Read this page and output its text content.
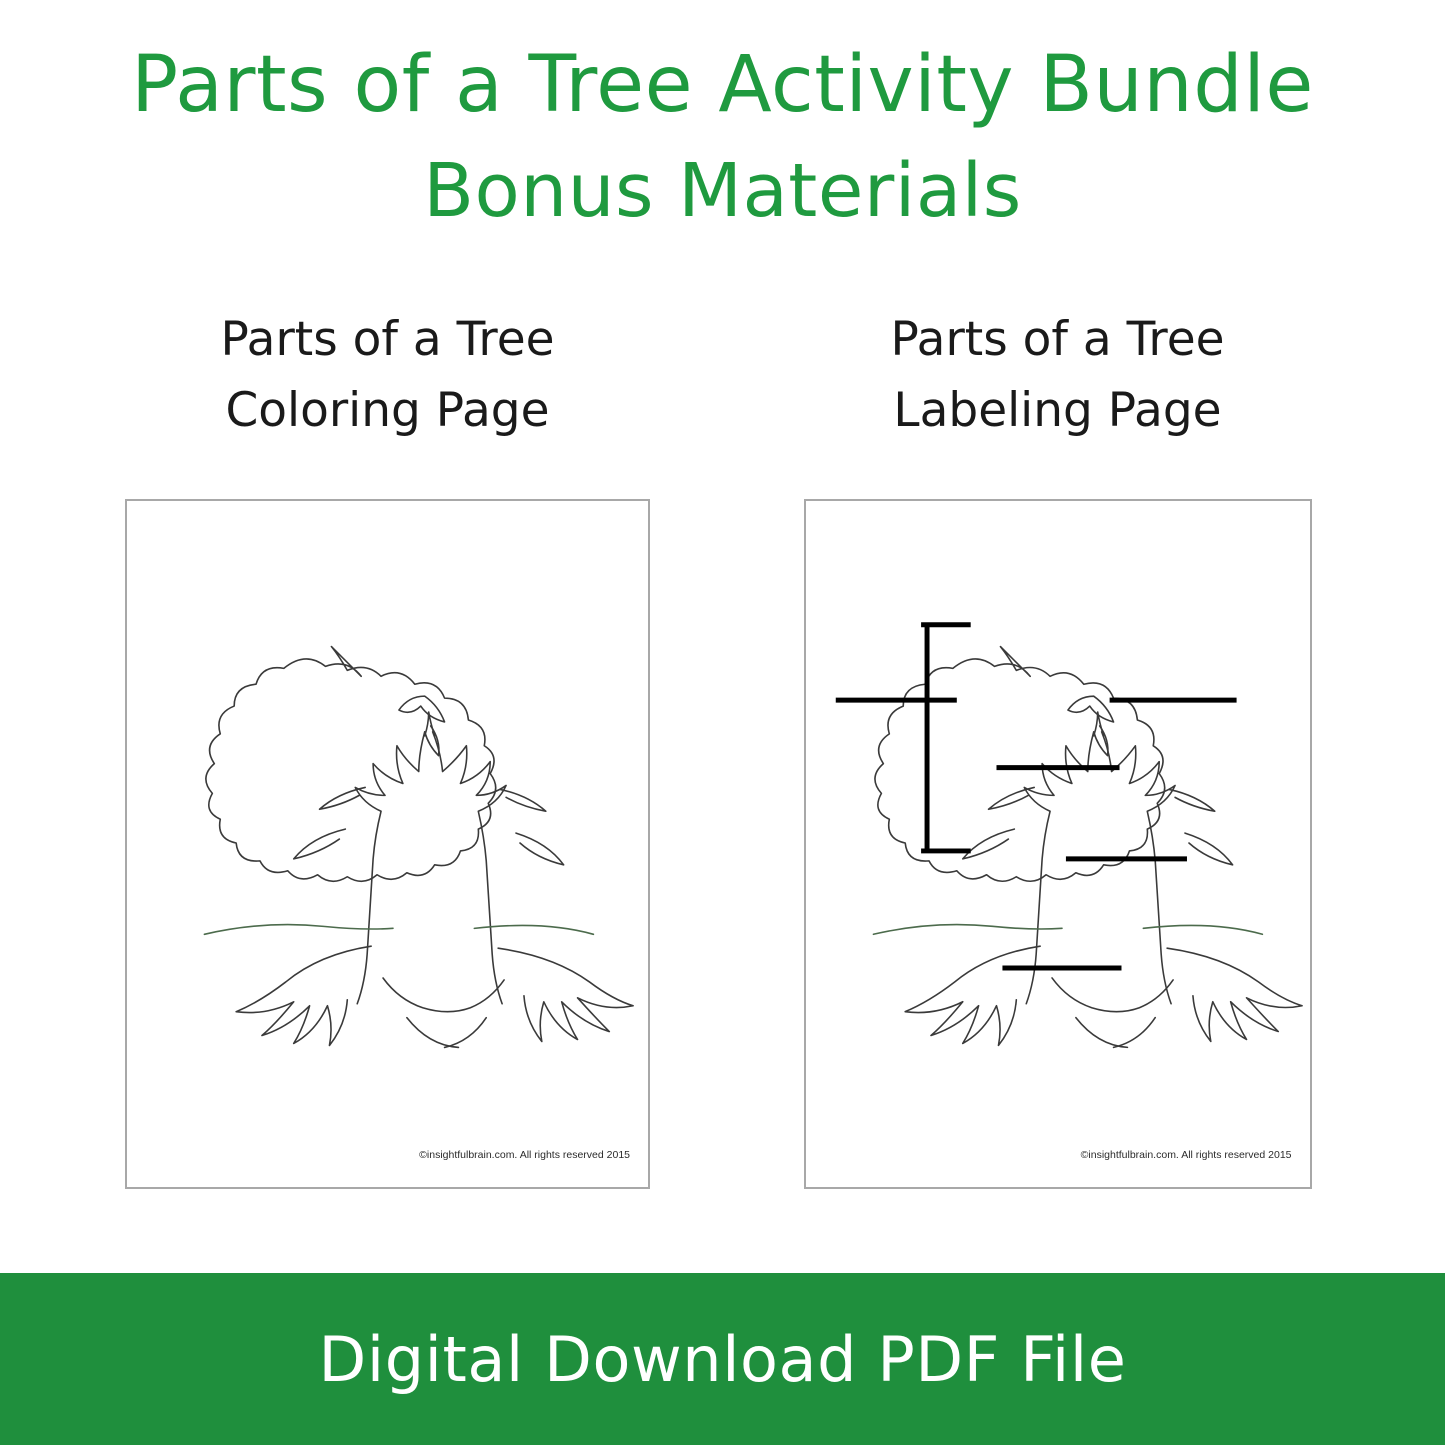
Parts of a Tree Activity Bundle
Bonus Materials
Parts of a Tree
Coloring Page
©insightfulbrain.com. All rights reserved 2015
Parts of a Tree
Labeling Page
©insightfulbrain.com. All rights reserved 2015
Digital Download PDF File
